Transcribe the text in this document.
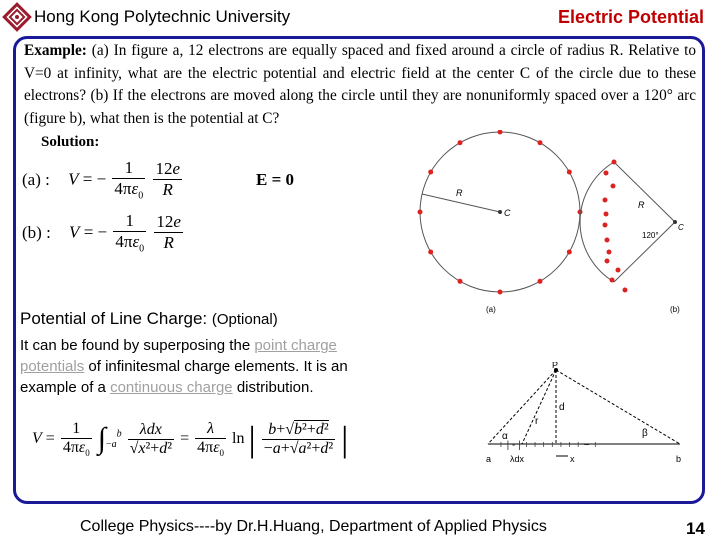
Hong Kong Polytechnic University	Electric Potential
Example: (a) In figure a, 12 electrons are equally spaced and fixed around a circle of radius R. Relative to V=0 at infinity, what are the electric potential and electric field at the center C of the circle due to these electrons? (b) If the electrons are moved along the circle until they are nonuniformly spaced over a 120° arc (figure b), what then is the potential at C?
Solution:
(a) : V = − $\frac{1}{4\pi\varepsilon_0}$
$\frac{12e}{R}$	E = 0
(b) : V = − $\frac{1}{4\pi\varepsilon_0}$
$\frac{12e}{R}$
R
C
(a)
R
C
120°
(b)
Potential of Line Charge: (Optional)
It can be found by superposing the point charge
potentials of infinitesmal charge elements. It is an
example of a continuous charge distribution.
$V = \frac{1}{4\pi\varepsilon_0} \int_{-a}^b \frac{\text{λdx}}{\text{√x²+d²}} = \frac{\lambda}{4\pi\varepsilon_0}$ ln | $\frac{\text{b+√b²+d²}}{\text{−a+√a²+d²}}$ |
P
d
r
α	β
+ | - | + + + + + + + − +
a λdx	x	b
College Physics----by Dr.H.Huang, Department of Applied Physics	14
